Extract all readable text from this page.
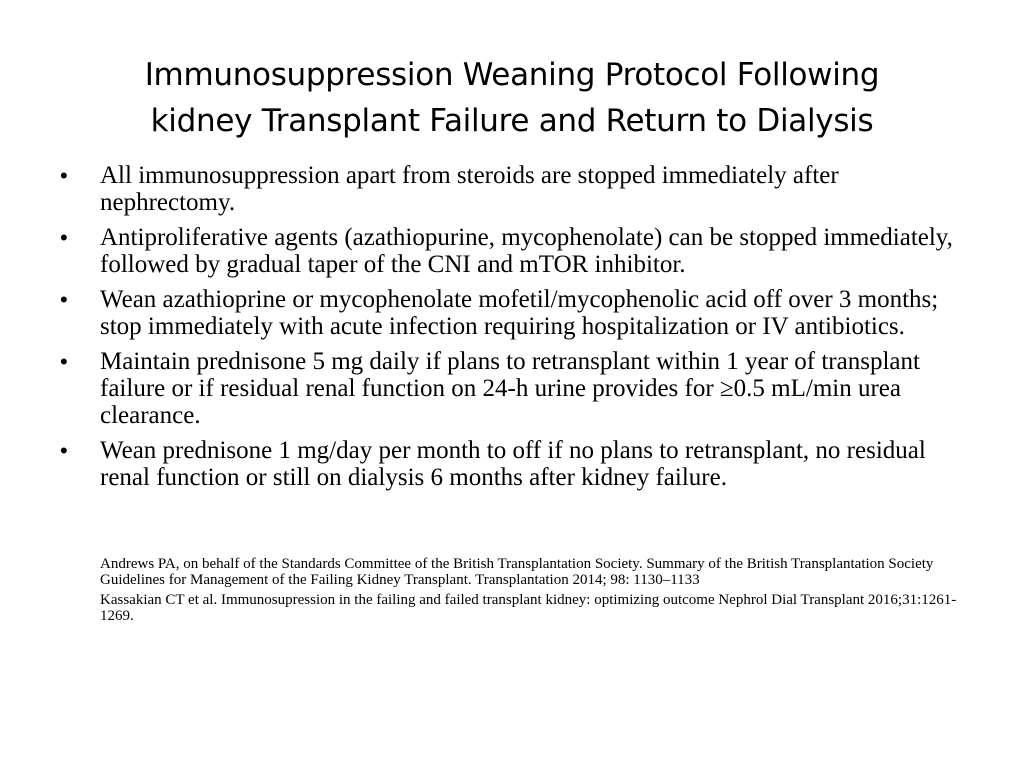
Immunosuppression Weaning Protocol Following
kidney Transplant Failure and Return to Dialysis
• All immunosuppression apart from steroids are stopped immediately after nephrectomy.
• Antiproliferative agents (azathiopurine, mycophenolate) can be stopped immediately, followed by gradual taper of the CNI and mTOR inhibitor.
• Wean azathioprine or mycophenolate mofetil/mycophenolic acid off over 3 months; stop immediately with acute infection requiring hospitalization or IV antibiotics.
• Maintain prednisone 5 mg daily if plans to retransplant within 1 year of transplant failure or if residual renal function on 24-h urine provides for ≥0.5 mL/min urea clearance.
• Wean prednisone 1 mg/day per month to off if no plans to retransplant, no residual renal function or still on dialysis 6 months after kidney failure.

Andrews PA, on behalf of the Standards Committee of the British Transplantation Society. Summary of the British Transplantation Society Guidelines for Management of the Failing Kidney Transplant. Transplantation 2014; 98: 1130–1133

Kassakian CT et al. Immunosupression in the failing and failed transplant kidney: optimizing outcome Nephrol Dial Transplant 2016;31:1261-1269.
